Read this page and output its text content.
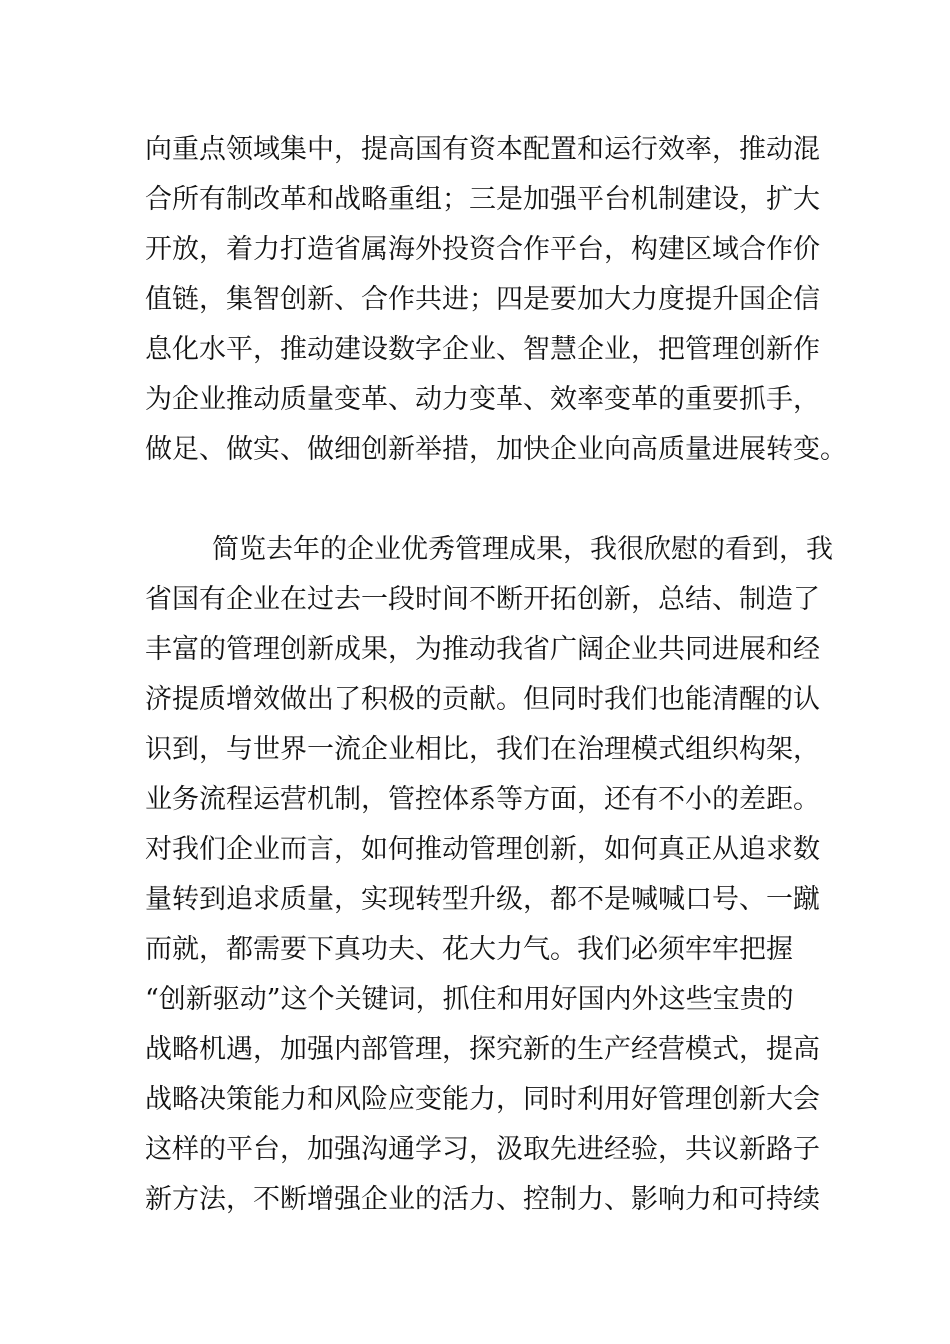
向重点领域集中，提高国有资本配置和运行效率，推动混
合所有制改革和战略重组；三是加强平台机制建设，扩大
开放，着力打造省属海外投资合作平台，构建区域合作价
值链，集智创新、合作共进；四是要加大力度提升国企信
息化水平，推动建设数字企业、智慧企业，把管理创新作
为企业推动质量变革、动力变革、效率变革的重要抓手，
做足、做实、做细创新举措，加快企业向高质量进展转变。
简览去年的企业优秀管理成果，我很欣慰的看到，我
省国有企业在过去一段时间不断开拓创新，总结、制造了
丰富的管理创新成果，为推动我省广阔企业共同进展和经
济提质增效做出了积极的贡献。但同时我们也能清醒的认
识到，与世界一流企业相比，我们在治理模式组织构架，
业务流程运营机制，管控体系等方面，还有不小的差距。
对我们企业而言，如何推动管理创新，如何真正从追求数
量转到追求质量，实现转型升级，都不是喊喊口号、一蹴
而就，都需要下真功夫、花大力气。我们必须牢牢把握
“创新驱动”这个关键词，抓住和用好国内外这些宝贵的
战略机遇，加强内部管理，探究新的生产经营模式，提高
战略决策能力和风险应变能力，同时利用好管理创新大会
这样的平台，加强沟通学习，汲取先进经验，共议新路子
新方法，不断增强企业的活力、控制力、影响力和可持续
